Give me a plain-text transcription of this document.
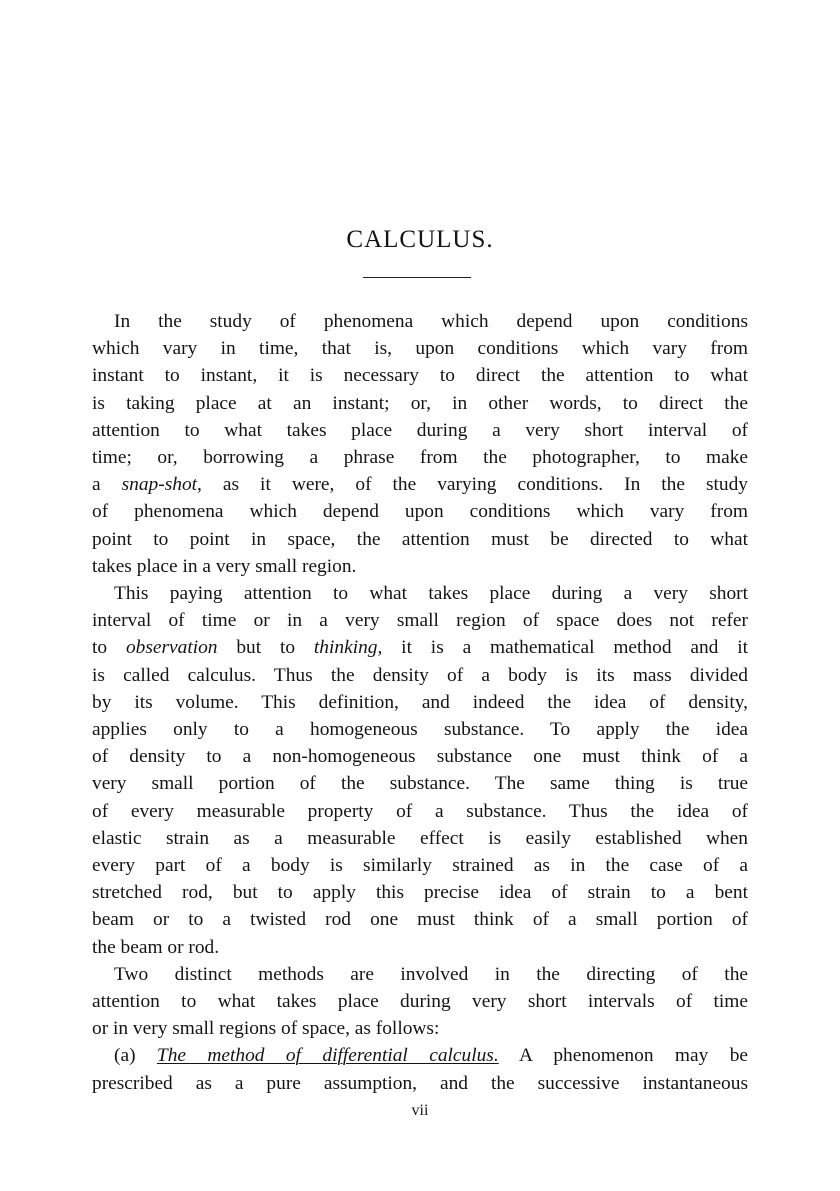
CALCULUS.

In the study of phenomena which depend upon conditions
which vary in time, that is, upon conditions which vary from
instant to instant, it is necessary to direct the attention to what
is taking place at an instant; or, in other words, to direct the
attention to what takes place during a very short interval of
time; or, borrowing a phrase from the photographer, to make
a snap-shot, as it were, of the varying conditions. In the study
of phenomena which depend upon conditions which vary from
point to point in space, the attention must be directed to what
takes place in a very small region.

This paying attention to what takes place during a very short
interval of time or in a very small region of space does not refer
to observation but to thinking, it is a mathematical method and it
is called calculus. Thus the density of a body is its mass divided
by its volume. This definition, and indeed the idea of density,
applies only to a homogeneous substance. To apply the idea
of density to a non-homogeneous substance one must think of a
very small portion of the substance. The same thing is true
of every measurable property of a substance. Thus the idea of
elastic strain as a measurable effect is easily established when
every part of a body is similarly strained as in the case of a
stretched rod, but to apply this precise idea of strain to a bent
beam or to a twisted rod one must think of a small portion of
the beam or rod.

Two distinct methods are involved in the directing of the
attention to what takes place during very short intervals of time
or in very small regions of space, as follows:

(a) The method of differential calculus. A phenomenon may be
prescribed as a pure assumption, and the successive instantaneous

vii
